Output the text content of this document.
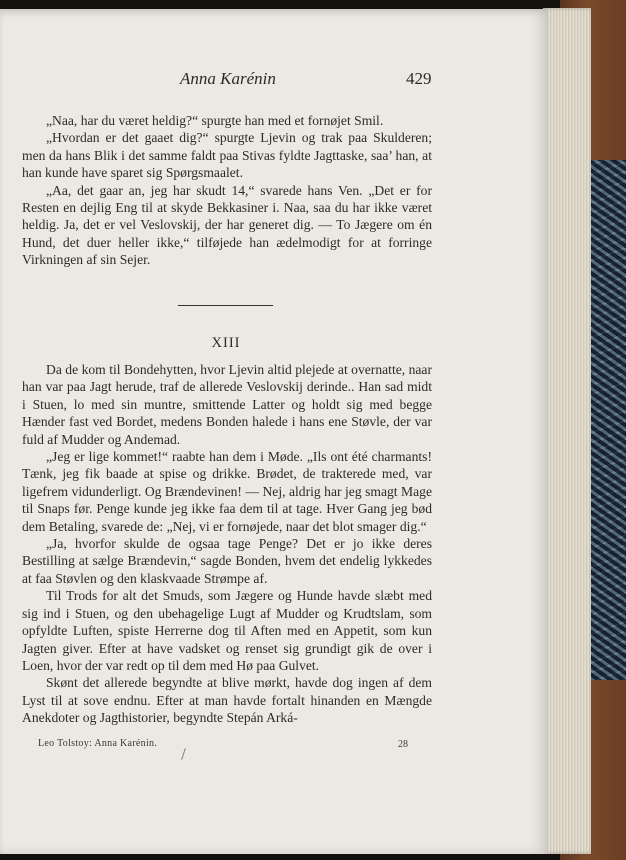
Anna Karénin	429

„Naa, har du været heldig?“ spurgte han med et fornøjet Smil.

„Hvordan er det gaaet dig?“ spurgte Ljevin og trak paa Skulderen; men da hans Blik i det samme faldt paa Stivas fyldte Jagttaske, saa’ han, at han kunde have sparet sig Spørgsmaalet.

„Aa, det gaar an, jeg har skudt 14,“ svarede hans Ven. „Det er for Resten en dejlig Eng til at skyde Bekkasiner i. Naa, saa du har ikke været heldig. Ja, det er vel Veslovskij, der har generet dig. — To Jægere om én Hund, det duer heller ikke,“ tilføjede han ædelmodigt for at forringe Virkningen af sin Sejer.

XIII

Da de kom til Bondehytten, hvor Ljevin altid plejede at overnatte, naar han var paa Jagt herude, traf de allerede Veslovskij derinde.. Han sad midt i Stuen, lo med sin muntre, smittende Latter og holdt sig med begge Hænder fast ved Bordet, medens Bonden halede i hans ene Støvle, der var fuld af Mudder og Andemad.

„Jeg er lige kommet!“ raabte han dem i Møde. „Ils ont été charmants! Tænk, jeg fik baade at spise og drikke. Brødet, de trakterede med, var ligefrem vidunderligt. Og Brændevinen! — Nej, aldrig har jeg smagt Mage til Snaps før. Penge kunde jeg ikke faa dem til at tage. Hver Gang jeg bød dem Betaling, svarede de: „Nej, vi er fornøjede, naar det blot smager dig.“

„Ja, hvorfor skulde de ogsaa tage Penge? Det er jo ikke deres Bestilling at sælge Brændevin,“ sagde Bonden, hvem det endelig lykkedes at faa Støvlen og den klaskvaade Strømpe af.

Til Trods for alt det Smuds, som Jægere og Hunde havde slæbt med sig ind i Stuen, og den ubehagelige Lugt af Mudder og Krudtslam, som opfyldte Luften, spiste Herrerne dog til Aften med en Appetit, som kun Jagten giver. Efter at have vadsket og renset sig grundigt gik de over i Loen, hvor der var redt op til dem med Hø paa Gulvet.

Skønt det allerede begyndte at blive mørkt, havde dog ingen af dem Lyst til at sove endnu. Efter at man havde fortalt hinanden en Mængde Anekdoter og Jagthistorier, begyndte Stepán Arká-

Leo Tolstoy: Anna Karénin.	28
